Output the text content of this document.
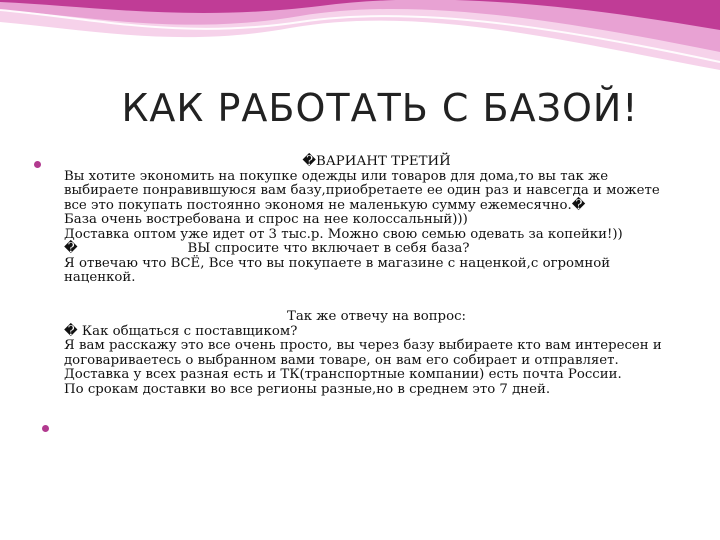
КАК РАБОТАТЬ С БАЗОЙ!

�ВАРИАНТ ТРЕТИЙ

Вы хотите экономить на покупке одежды или товаров для дома,то вы так же

выбираете понравившуюся вам базу,приобретаете ее один раз и навсегда и можете

все это покупать постоянно экономя не маленькую сумму ежемесячно.�

База очень востребована и спрос на нее колоссальный)))

Доставка оптом уже идет от 3 тыс.р. Можно свою семью одевать за копейки!))

�                          ВЫ спросите что включает в себя база?

Я отвечаю что ВСЁ, Все что вы покупаете в магазине с наценкой,с огромной

наценкой.

Так же отвечу на вопрос:

� Как общаться с поставщиком?

Я вам расскажу это все очень просто, вы через базу выбираете кто вам интересен и

договариваетесь о выбранном вами товаре, он вам его собирает и отправляет.

Доставка у всех разная есть и ТК(транспортные компании) есть почта России.

По срокам доставки во все регионы разные,но в среднем это 7 дней.
